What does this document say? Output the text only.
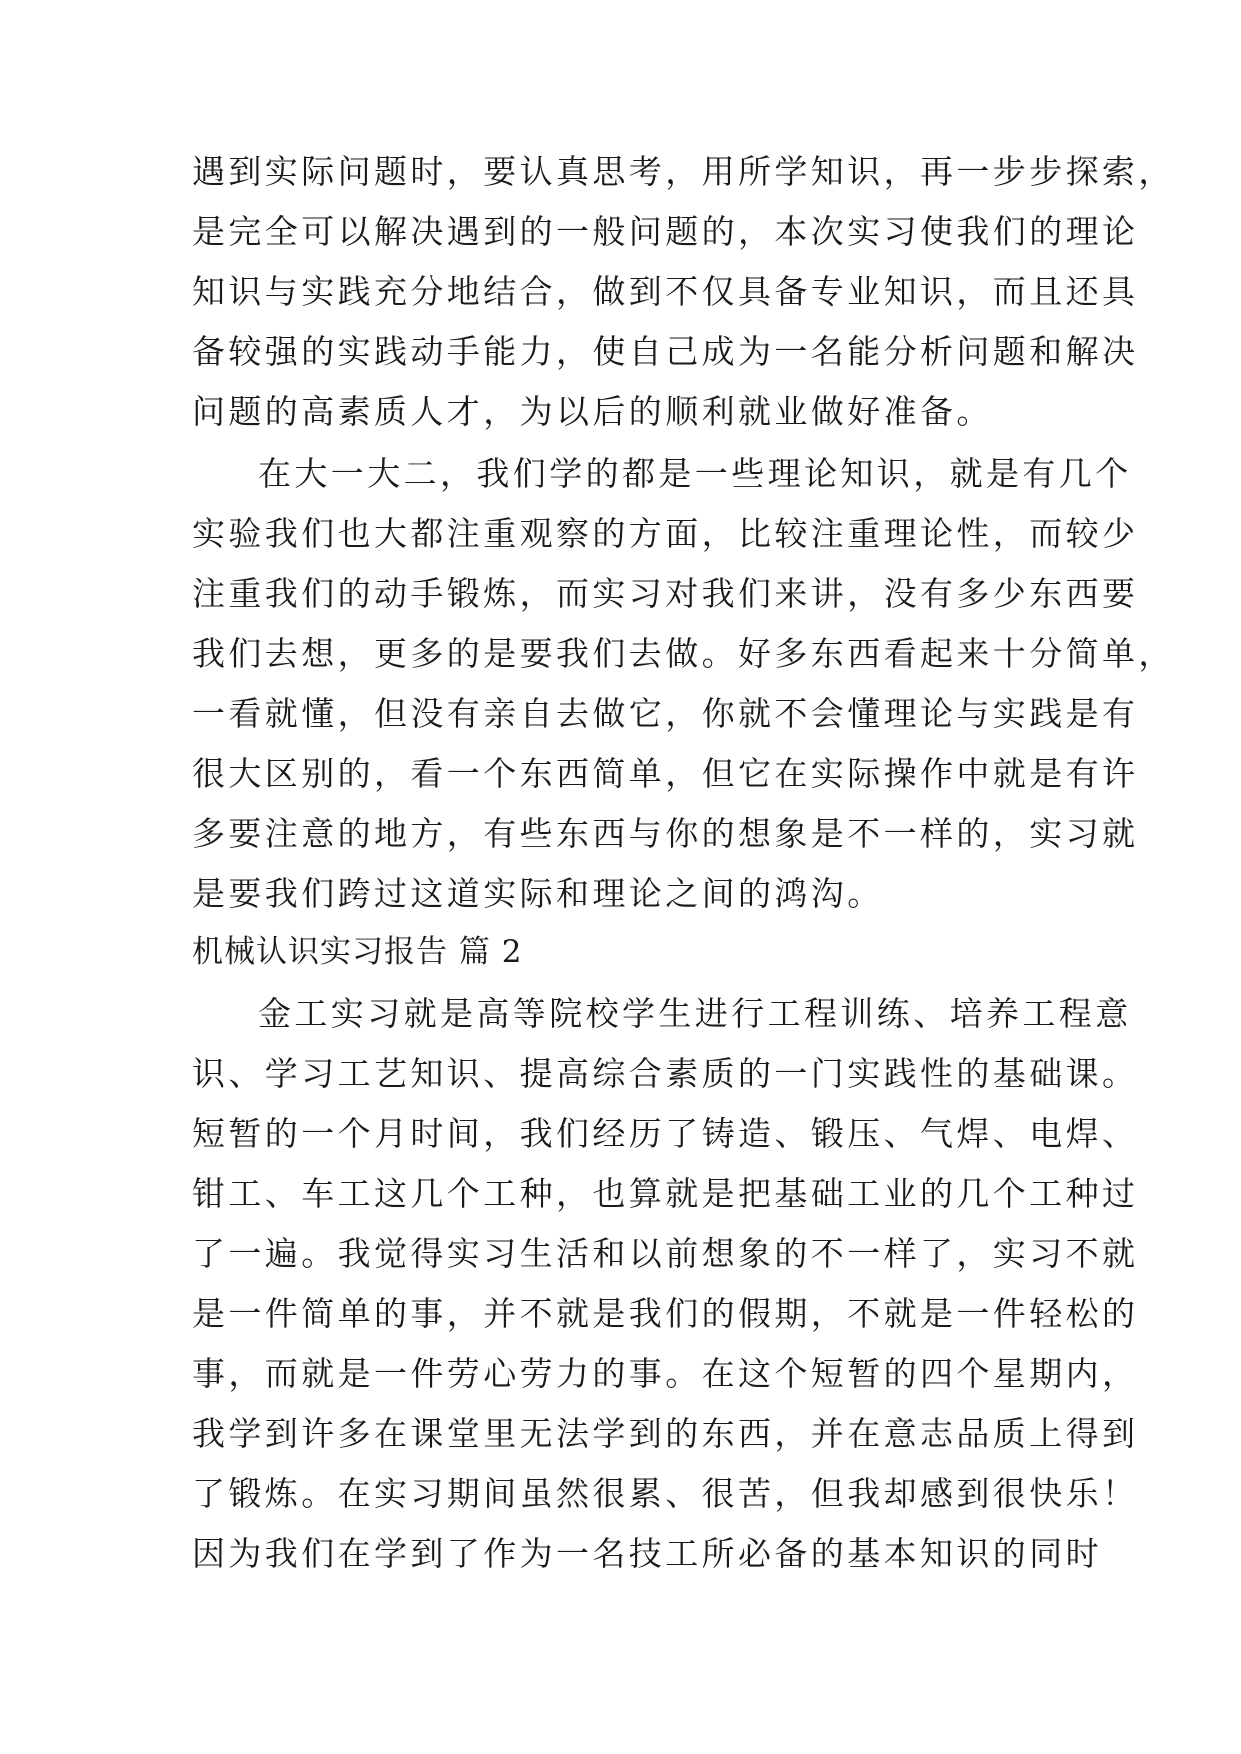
遇到实际问题时，要认真思考，用所学知识，再一步步探索，
是完全可以解决遇到的一般问题的，本次实习使我们的理论
知识与实践充分地结合，做到不仅具备专业知识，而且还具
备较强的实践动手能力，使自己成为一名能分析问题和解决
问题的高素质人才，为以后的顺利就业做好准备。
在大一大二，我们学的都是一些理论知识，就是有几个
实验我们也大都注重观察的方面，比较注重理论性，而较少
注重我们的动手锻炼，而实习对我们来讲，没有多少东西要
我们去想，更多的是要我们去做。好多东西看起来十分简单，
一看就懂，但没有亲自去做它，你就不会懂理论与实践是有
很大区别的，看一个东西简单，但它在实际操作中就是有许
多要注意的地方，有些东西与你的想象是不一样的，实习就
是要我们跨过这道实际和理论之间的鸿沟。
机械认识实习报告 篇 2
金工实习就是高等院校学生进行工程训练、培养工程意
识、学习工艺知识、提高综合素质的一门实践性的基础课。
短暂的一个月时间，我们经历了铸造、锻压、气焊、电焊、
钳工、车工这几个工种，也算就是把基础工业的几个工种过
了一遍。我觉得实习生活和以前想象的不一样了，实习不就
是一件简单的事，并不就是我们的假期，不就是一件轻松的
事，而就是一件劳心劳力的事。在这个短暂的四个星期内，
我学到许多在课堂里无法学到的东西，并在意志品质上得到
了锻炼。在实习期间虽然很累、很苦，但我却感到很快乐！
因为我们在学到了作为一名技工所必备的基本知识的同时
